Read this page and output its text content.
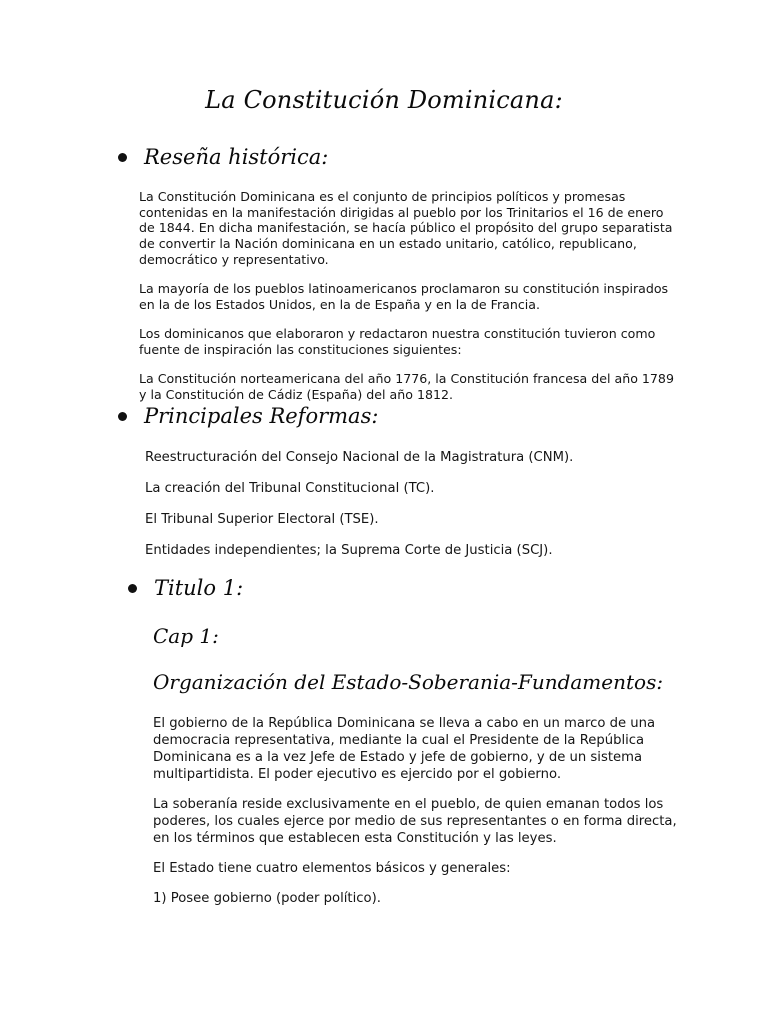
La Constitución Dominicana:
Reseña histórica:

La Constitución Dominicana es el conjunto de principios políticos y promesas contenidas en la manifestación dirigidas al pueblo por los Trinitarios el 16 de enero de 1844. En dicha manifestación, se hacía público el propósito del grupo separatista de convertir la Nación dominicana en un estado unitario, católico, republicano, democrático y representativo.

La mayoría de los pueblos latinoamericanos proclamaron su constitución inspirados en la de los Estados Unidos, en la de España y en la de Francia.

Los dominicanos que elaboraron y redactaron nuestra constitución tuvieron como fuente de inspiración las constituciones siguientes:

La Constitución norteamericana del año 1776, la Constitución francesa del año 1789 y la Constitución de Cádiz (España) del año 1812.

Principales Reformas:
Reestructuración del Consejo Nacional de la Magistratura (CNM).
La creación del Tribunal Constitucional (TC).
El Tribunal Superior Electoral (TSE).
Entidades independientes; la Suprema Corte de Justicia (SCJ).
Titulo 1:
Cap 1:
Organización del Estado-Soberania-Fundamentos:

El gobierno de la República Dominicana se lleva a cabo en un marco de una democracia representativa, mediante la cual el Presidente de la República Dominicana es a la vez Jefe de Estado y jefe de gobierno, y de un sistema multipartidista. El poder ejecutivo es ejercido por el gobierno.

La soberanía reside exclusivamente en el pueblo, de quien emanan todos los poderes, los cuales ejerce por medio de sus representantes o en forma directa, en los términos que establecen esta Constitución y las leyes.

El Estado tiene cuatro elementos básicos y generales:

1) Posee gobierno (poder político).
